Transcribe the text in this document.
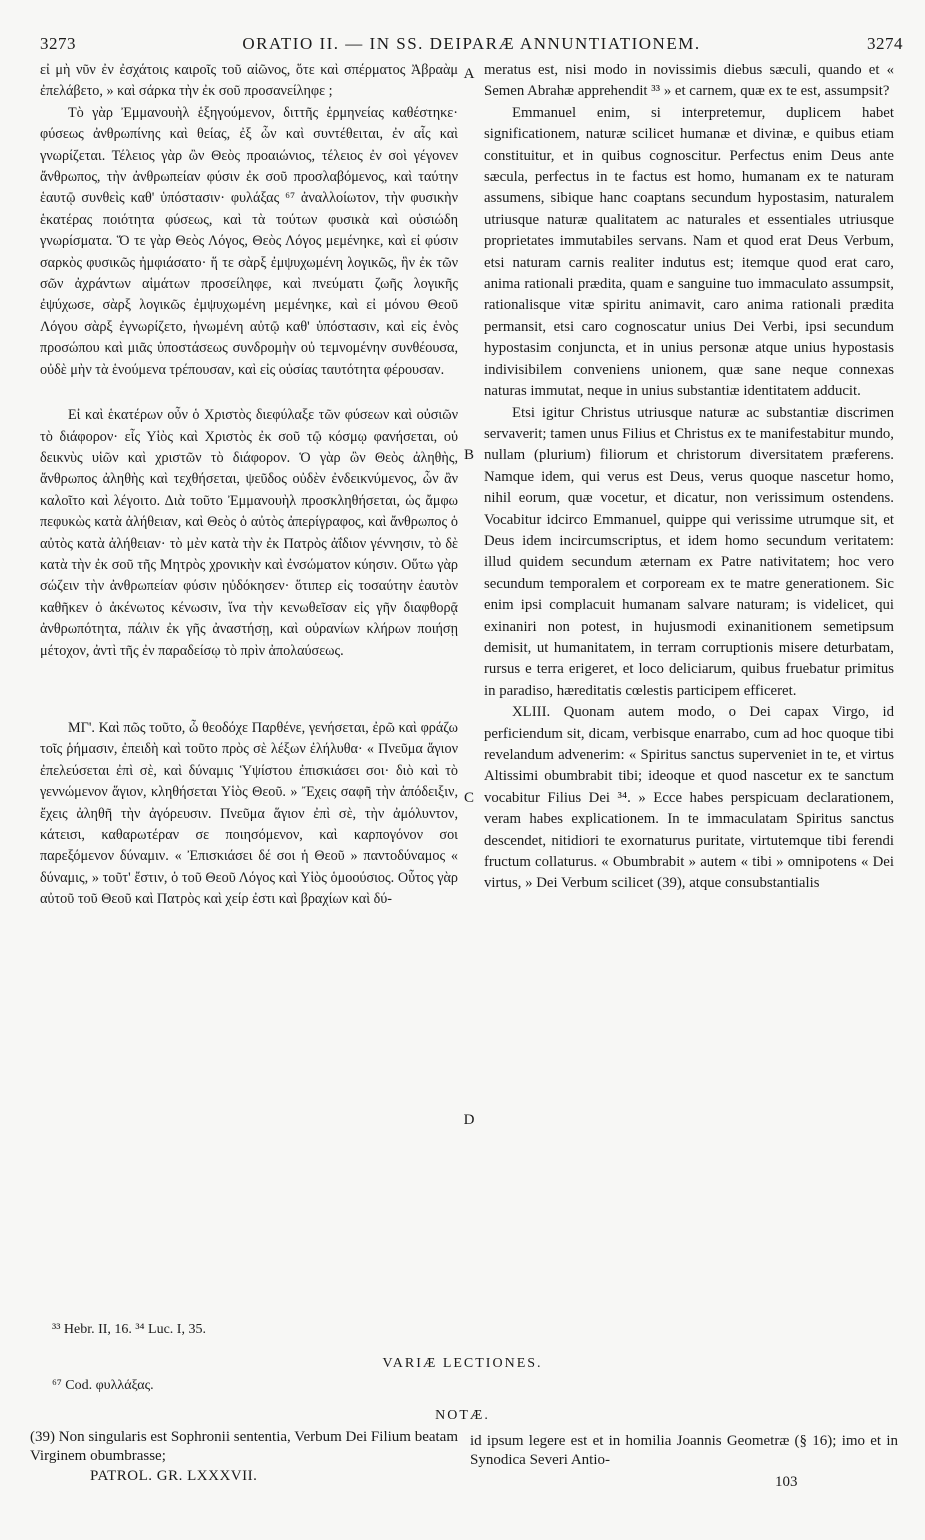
3273	ORATIO II. — IN SS. DEIPARÆ ANNUNTIATIONEM.	3274

εἰ μὴ νῦν ἐν ἐσχάτοις καιροῖς τοῦ αἰῶνος, ὅτε καὶ σπέρματος Ἀβραὰμ ἐπελάβετο, » καὶ σάρκα τὴν ἐκ σοῦ προσανείληφε ;

Τὸ γὰρ Ἐμμανουὴλ ἑξηγούμενον, διττῆς ἑρμηνείας καθέστηκε· φύσεως ἀνθρωπίνης καὶ θείας, ἐξ ὧν καὶ συντέθειται, ἐν αἷς καὶ γνωρίζεται. Τέλειος γὰρ ὢν Θεὸς προαιώνιος, τέλειος ἐν σοὶ γέγονεν ἄνθρωπος, τὴν ἀνθρωπείαν φύσιν ἐκ σοῦ προσλαβόμενος, καὶ ταύτην ἑαυτῷ συνθεὶς καθ' ὑπόστασιν· φυλάξας ⁶⁷ ἀναλλοίωτον, τὴν φυσικὴν ἑκατέρας ποιότητα φύσεως, καὶ τὰ τούτων φυσικὰ καὶ οὐσιώδη γνωρίσματα. Ὅ τε γὰρ Θεὸς Λόγος, Θεὸς Λόγος μεμένηκε, καὶ εἰ φύσιν σαρκὸς φυσικῶς ἠμφιάσατο· ἥ τε σὰρξ ἐμψυχωμένη λογικῶς, ἣν ἐκ τῶν σῶν ἀχράντων αἱμάτων προσείληφε, καὶ πνεύματι ζωῆς λογικῆς ἐψύχωσε, σὰρξ λογικῶς ἐμψυχωμένη μεμένηκε, καὶ εἰ μόνου Θεοῦ Λόγου σὰρξ ἐγνωρίζετο, ἡνωμένη αὐτῷ καθ' ὑπόστασιν, καὶ εἰς ἑνὸς προσώπου καὶ μιᾶς ὑποστάσεως συνδρομὴν οὐ τεμνομένην συνθέουσα, οὐδὲ μὴν τὰ ἑνούμενα τρέπουσαν, καὶ εἰς οὐσίας ταυτότητα φέρουσαν.

Εἰ καὶ ἑκατέρων οὖν ὁ Χριστὸς διεφύλαξε τῶν φύσεων καὶ οὐσιῶν τὸ διάφορον· εἷς Υἱὸς καὶ Χριστὸς ἐκ σοῦ τῷ κόσμῳ φανήσεται, οὐ δεικνὺς υἱῶν καὶ χριστῶν τὸ διάφορον. Ὁ γὰρ ὢν Θεὸς ἀληθὴς, ἄνθρωπος ἀληθὴς καὶ τεχθήσεται, ψεῦδος οὐδὲν ἐνδεικνύμενος, ὧν ἂν καλοῖτο καὶ λέγοιτο. Διὰ τοῦτο Ἐμμανουὴλ προσκληθήσεται, ὡς ἄμφω πεφυκὼς κατὰ ἀλήθειαν, καὶ Θεὸς ὁ αὐτὸς ἀπερίγραφος, καὶ ἄνθρωπος ὁ αὐτὸς κατὰ ἀλήθειαν· τὸ μὲν κατὰ τὴν ἐκ Πατρὸς ἀΐδιον γέννησιν, τὸ δὲ κατὰ τὴν ἐκ σοῦ τῆς Μητρὸς χρονικὴν καὶ ἐνσώματον κύησιν. Οὕτω γὰρ σώζειν τὴν ἀνθρωπείαν φύσιν ηὐδόκησεν· ὅτιπερ εἰς τοσαύτην ἑαυτὸν καθῆκεν ὁ ἀκένωτος κένωσιν, ἵνα τὴν κενωθεῖσαν εἰς γῆν διαφθορᾷ ἀνθρωπότητα, πάλιν ἐκ γῆς ἀναστήσῃ, καὶ οὐρανίων κλήρων ποιήσῃ μέτοχον, ἀντὶ τῆς ἐν παραδείσῳ τὸ πρὶν ἀπολαύσεως.

ΜΓ'. Καὶ πῶς τοῦτο, ὦ θεοδόχε Παρθένε, γενήσεται, ἐρῶ καὶ φράζω τοῖς ῥήμασιν, ἐπειδὴ καὶ τοῦτο πρὸς σὲ λέξων ἐλήλυθα· « Πνεῦμα ἅγιον ἐπελεύσεται ἐπὶ σὲ, καὶ δύναμις Ὑψίστου ἐπισκιάσει σοι· διὸ καὶ τὸ γεννώμενον ἅγιον, κληθήσεται Υἱὸς Θεοῦ. » Ἔχεις σαφῆ τὴν ἀπόδειξιν, ἔχεις ἀληθῆ τὴν ἀγόρευσιν. Πνεῦμα ἅγιον ἐπὶ σὲ, τὴν ἀμόλυντον, κάτεισι, καθαρωτέραν σε ποιησόμενον, καὶ καρπογόνον σοι παρεξόμενον δύναμιν. « Ἐπισκιάσει δέ σοι ἡ Θεοῦ » παντοδύναμος « δύναμις, » τοῦτ' ἔστιν, ὁ τοῦ Θεοῦ Λόγος καὶ Υἱὸς ὁμοούσιος. Οὗτος γὰρ αὐτοῦ τοῦ Θεοῦ καὶ Πατρὸς καὶ χείρ ἐστι καὶ βραχίων καὶ δύ-

A
B
C
D

meratus est, nisi modo in novissimis diebus sæculi, quando et « Semen Abrahæ apprehendit ³³ » et carnem, quæ ex te est, assumpsit?

Emmanuel enim, si interpretemur, duplicem habet significationem, naturæ scilicet humanæ et divinæ, e quibus etiam constituitur, et in quibus cognoscitur. Perfectus enim Deus ante sæcula, perfectus in te factus est homo, humanam ex te naturam assumens, sibique hanc coaptans secundum hypostasim, naturalem utriusque naturæ qualitatem ac naturales et essentiales utriusque proprietates immutabiles servans. Nam et quod erat Deus Verbum, etsi naturam carnis realiter indutus est; itemque quod erat caro, anima rationali prædita, quam e sanguine tuo immaculato assumpsit, rationalisque vitæ spiritu animavit, caro anima rationali prædita permansit, etsi caro cognoscatur unius Dei Verbi, ipsi secundum hypostasim conjuncta, et in unius personæ atque unius hypostasis indivisibilem conveniens unionem, quæ sane neque connexas naturas immutat, neque in unius substantiæ identitatem adducit.

Etsi igitur Christus utriusque naturæ ac substantiæ discrimen servaverit; tamen unus Filius et Christus ex te manifestabitur mundo, nullam (plurium) filiorum et christorum diversitatem præferens. Namque idem, qui verus est Deus, verus quoque nascetur homo, nihil eorum, quæ vocetur, et dicatur, non verissimum ostendens. Vocabitur idcirco Emmanuel, quippe qui verissime utrumque sit, et Deus idem incircumscriptus, et idem homo secundum veritatem: illud quidem secundum æternam ex Patre nativitatem; hoc vero secundum temporalem et corpoream ex te matre generationem. Sic enim ipsi complacuit humanam salvare naturam; is videlicet, qui exinaniri non potest, in hujusmodi exinanitionem semetipsum demisit, ut humanitatem, in terram corruptionis misere deturbatam, rursus e terra erigeret, et loco deliciarum, quibus fruebatur primitus in paradiso, hæreditatis cœlestis participem efficeret.

XLIII. Quonam autem modo, o Dei capax Virgo, id perficiendum sit, dicam, verbisque enarrabo, cum ad hoc quoque tibi revelandum advenerim: « Spiritus sanctus superveniet in te, et virtus Altissimi obumbrabit tibi; ideoque et quod nascetur ex te sanctum vocabitur Filius Dei ³⁴. » Ecce habes perspicuam declarationem, veram habes explicationem. In te immaculatam Spiritus sanctus descendet, nitidiori te exornaturus puritate, virtutemque tibi ferendi fructum collaturus. « Obumbrabit » autem « tibi » omnipotens « Dei virtus, » Dei Verbum scilicet (39), atque consubstantialis

³³ Hebr. II, 16. ³⁴ Luc. I, 35.
VARIÆ LECTIONES.
⁶⁷ Cod. φυλλάξας.
NOTÆ.
(39) Non singularis est Sophronii sententia, Verbum Dei Filium beatam Virginem obumbrasse;
id ipsum legere est et in homilia Joannis Geometræ (§ 16); imo et in Synodica Severi Antio-
PATROL. GR. LXXXVII.	103
